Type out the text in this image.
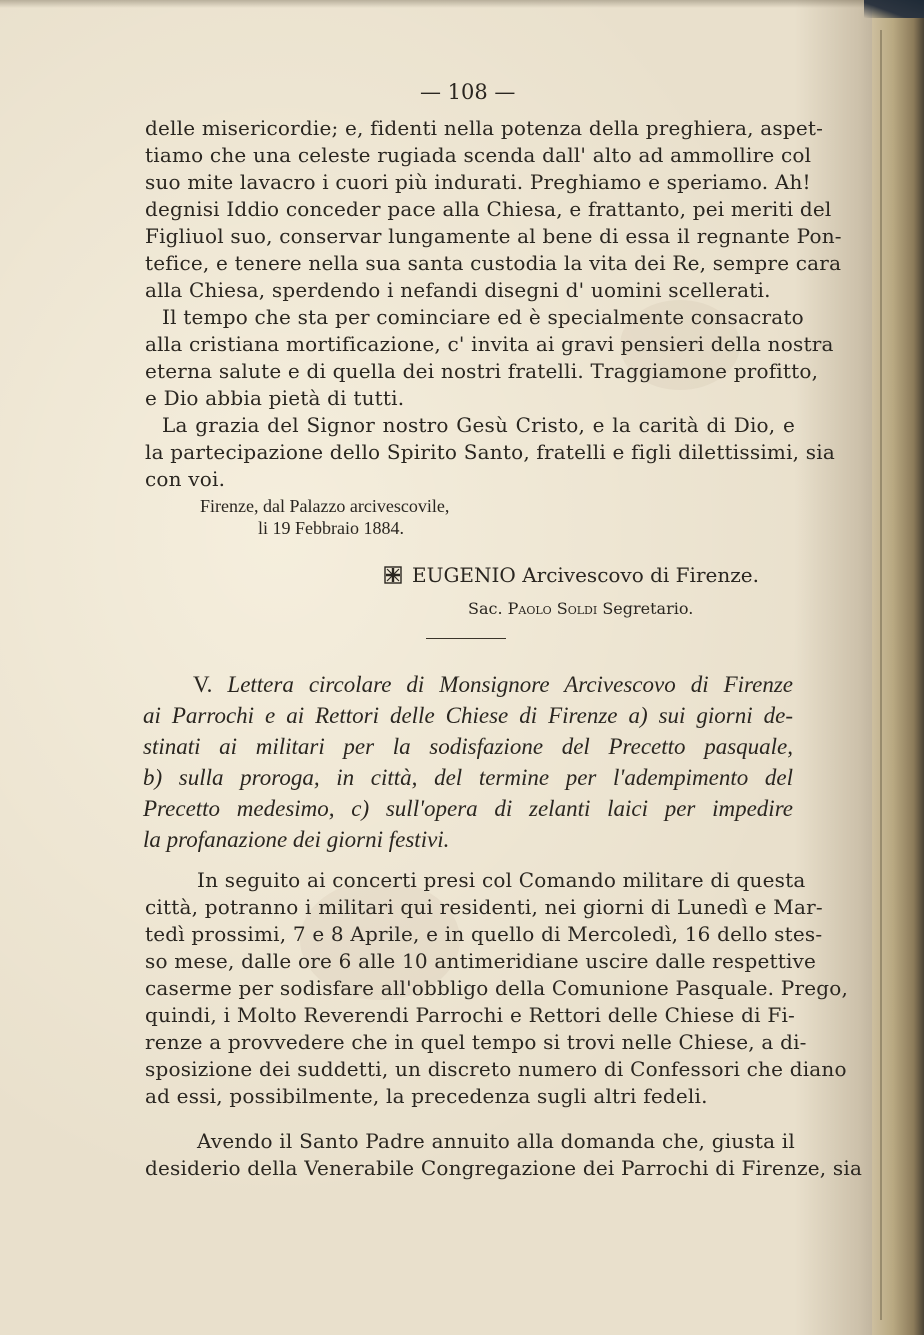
— 108 —
delle misericordie; e, fidenti nella potenza della preghiera, aspet-
tiamo che una celeste rugiada scenda dall' alto ad ammollire col
suo mite lavacro i cuori più indurati. Preghiamo e speriamo. Ah!
degnisi Iddio conceder pace alla Chiesa, e frattanto, pei meriti del
Figliuol suo, conservar lungamente al bene di essa il regnante Pon-
tefice, e tenere nella sua santa custodia la vita dei Re, sempre cara
alla Chiesa, sperdendo i nefandi disegni d' uomini scellerati.
Il tempo che sta per cominciare ed è specialmente consacrato
alla cristiana mortificazione, c' invita ai gravi pensieri della nostra
eterna salute e di quella dei nostri fratelli. Traggiamone profitto,
e Dio abbia pietà di tutti.
La grazia del Signor nostro Gesù Cristo, e la carità di Dio, e
la partecipazione dello Spirito Santo, fratelli e figli dilettissimi, sia
con voi.
Firenze, dal Palazzo arcivescovile,
li 19 Febbraio 1884.
EUGENIO Arcivescovo di Firenze.
Sac. Paolo Soldi Segretario.
V. Lettera circolare di Monsignore Arcivescovo di Firenze
ai Parrochi e ai Rettori delle Chiese di Firenze a) sui giorni de-
stinati ai militari per la sodisfazione del Precetto pasquale,
b) sulla proroga, in città, del termine per l'adempimento del
Precetto medesimo, c) sull'opera di zelanti laici per impedire
la profanazione dei giorni festivi.
In seguito ai concerti presi col Comando militare di questa
città, potranno i militari qui residenti, nei giorni di Lunedì e Mar-
tedì prossimi, 7 e 8 Aprile, e in quello di Mercoledì, 16 dello stes-
so mese, dalle ore 6 alle 10 antimeridiane uscire dalle respettive
caserme per sodisfare all'obbligo della Comunione Pasquale. Prego,
quindi, i Molto Reverendi Parrochi e Rettori delle Chiese di Fi-
renze a provvedere che in quel tempo si trovi nelle Chiese, a di-
sposizione dei suddetti, un discreto numero di Confessori che diano
ad essi, possibilmente, la precedenza sugli altri fedeli.
Avendo il Santo Padre annuito alla domanda che, giusta il
desiderio della Venerabile Congregazione dei Parrochi di Firenze, sia
